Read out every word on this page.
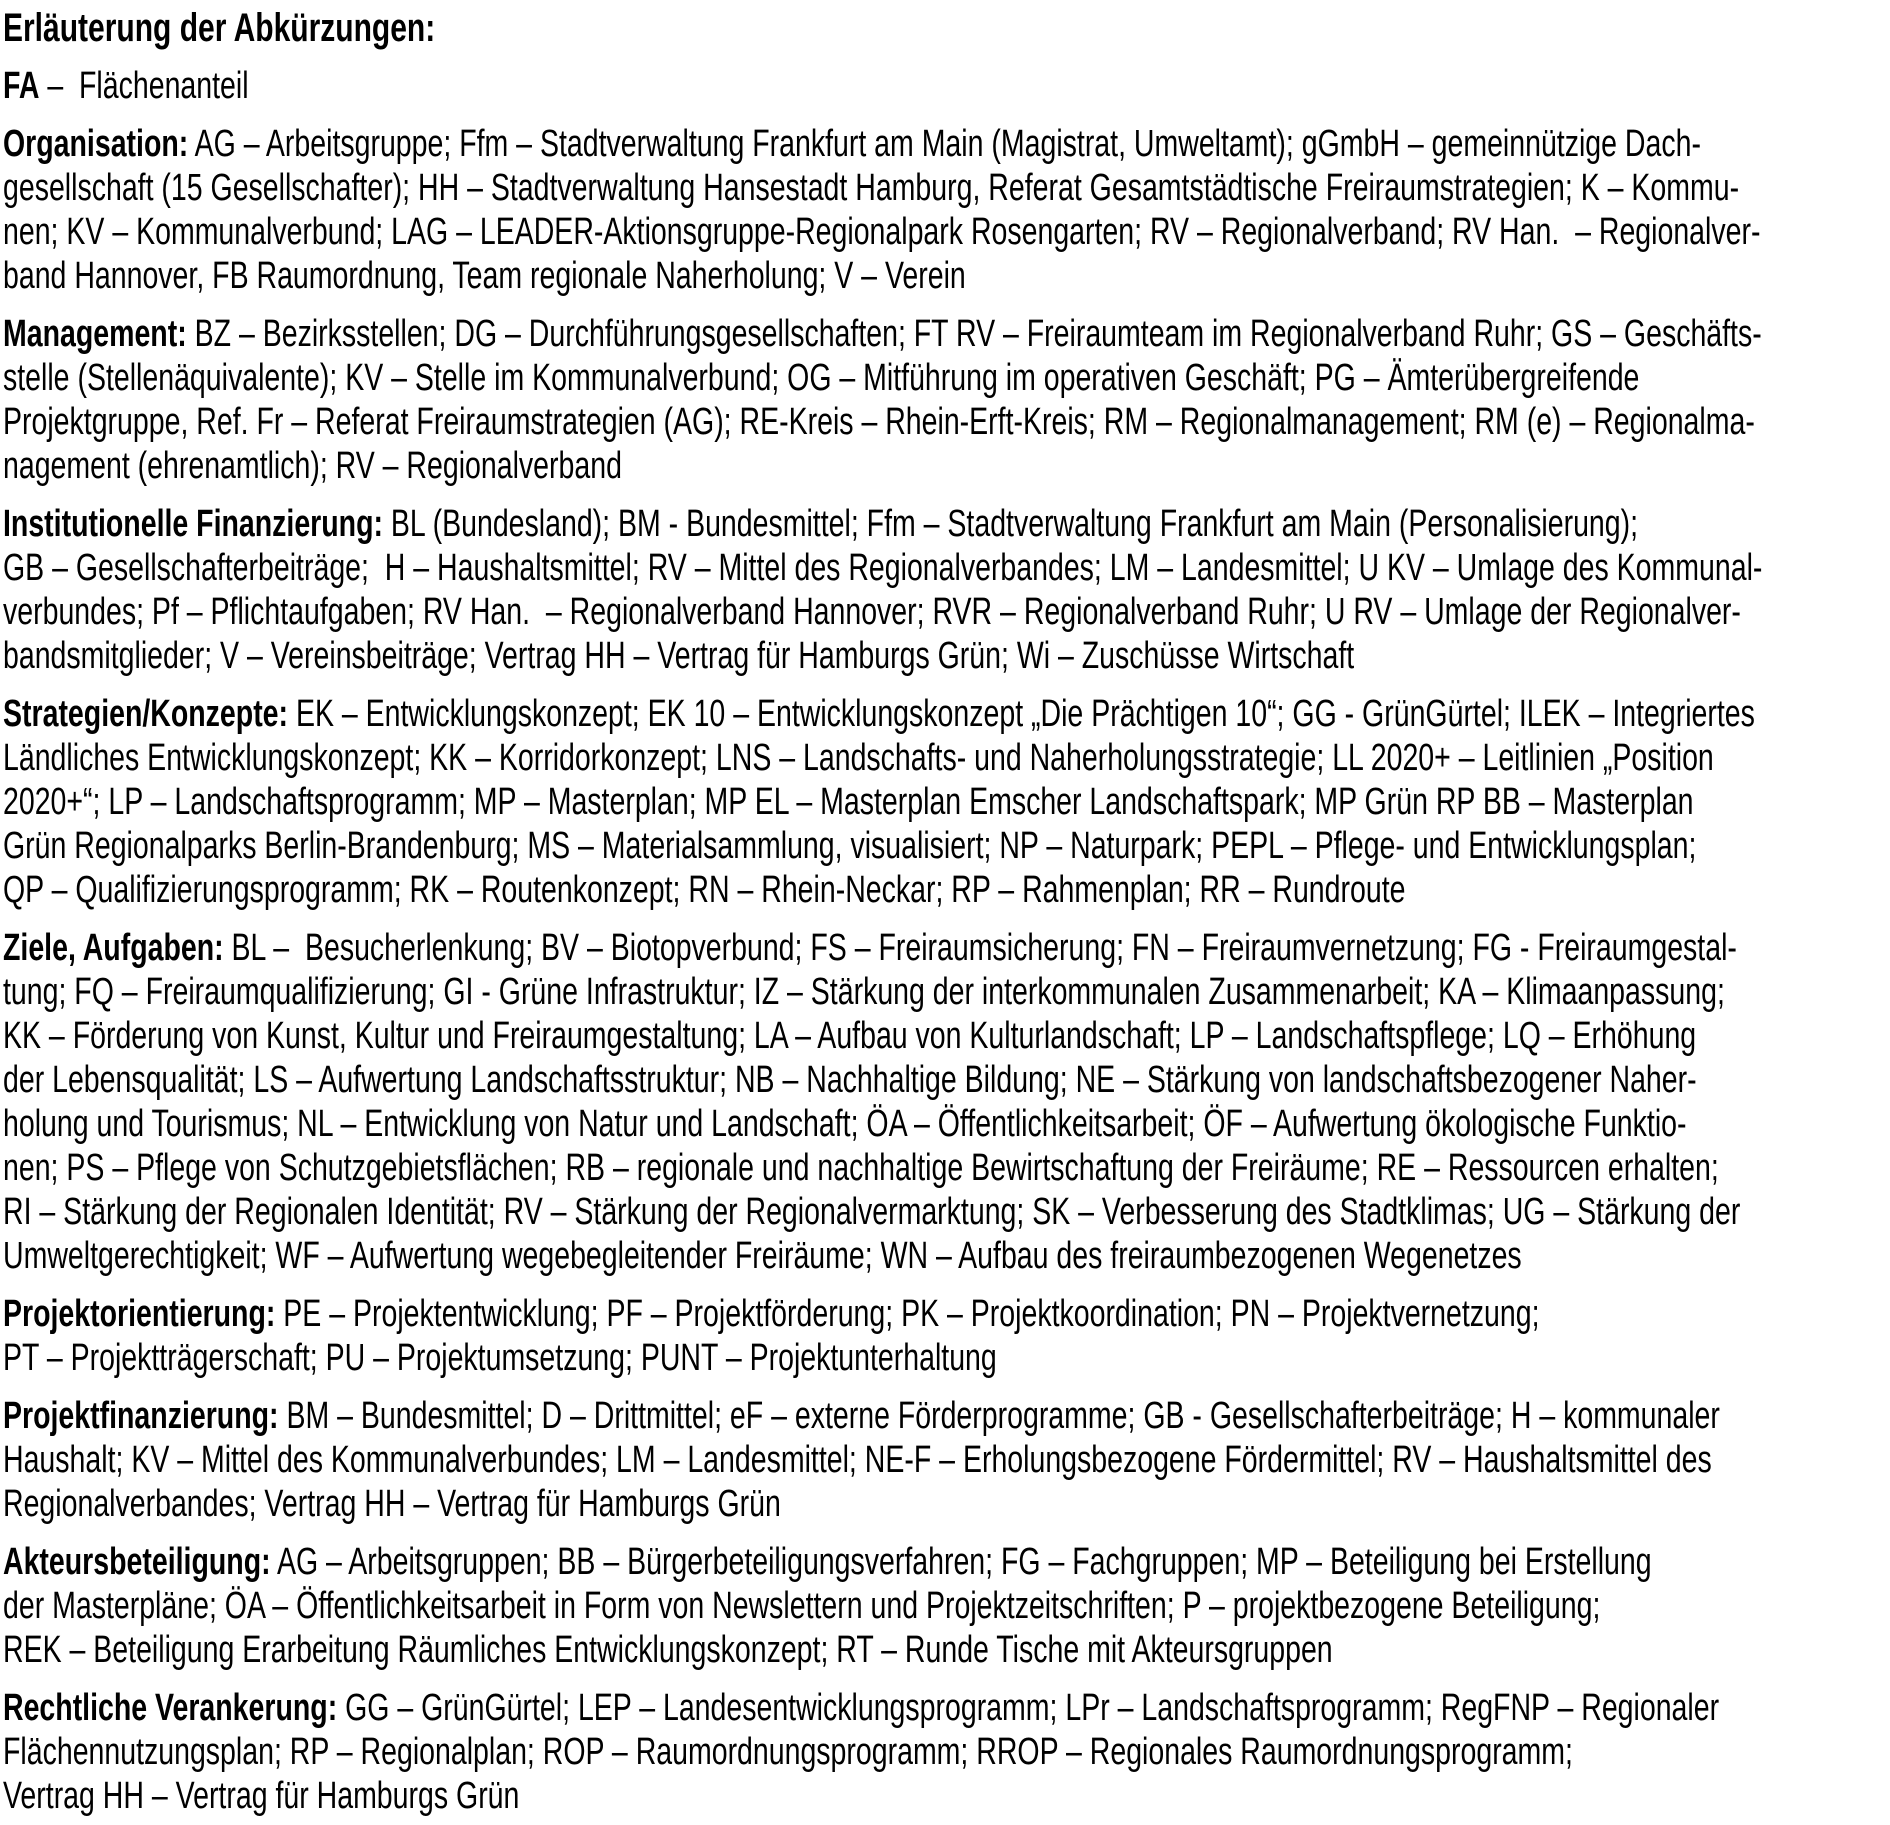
Erläuterung der Abkürzungen:

FA –  Flächenanteil

Organisation: AG – Arbeitsgruppe; Ffm – Stadtverwaltung Frankfurt am Main (Magistrat, Umweltamt); gGmbH – gemeinnützige Dach-
gesellschaft (15 Gesellschafter); HH – Stadtverwaltung Hansestadt Hamburg, Referat Gesamtstädtische Freiraumstrategien; K – Kommu-
nen; KV – Kommunalverbund; LAG – LEADER-Aktionsgruppe-Regionalpark Rosengarten; RV – Regionalverband; RV Han.  – Regionalver-
band Hannover, FB Raumordnung, Team regionale Naherholung; V – Verein

Management: BZ – Bezirksstellen; DG – Durchführungsgesellschaften; FT RV – Freiraumteam im Regionalverband Ruhr; GS – Geschäfts-
stelle (Stellenäquivalente); KV – Stelle im Kommunalverbund; OG – Mitführung im operativen Geschäft; PG – Ämterübergreifende
Projektgruppe, Ref. Fr – Referat Freiraumstrategien (AG); RE-Kreis – Rhein-Erft-Kreis; RM – Regionalmanagement; RM (e) – Regionalma-
nagement (ehrenamtlich); RV – Regionalverband

Institutionelle Finanzierung: BL (Bundesland); BM - Bundesmittel; Ffm – Stadtverwaltung Frankfurt am Main (Personalisierung);
GB – Gesellschafterbeiträge;  H – Haushaltsmittel; RV – Mittel des Regionalverbandes; LM – Landesmittel; U KV – Umlage des Kommunal-
verbundes; Pf – Pflichtaufgaben; RV Han.  – Regionalverband Hannover; RVR – Regionalverband Ruhr; U RV – Umlage der Regionalver-
bandsmitglieder; V – Vereinsbeiträge; Vertrag HH – Vertrag für Hamburgs Grün; Wi – Zuschüsse Wirtschaft

Strategien/Konzepte: EK – Entwicklungskonzept; EK 10 – Entwicklungskonzept „Die Prächtigen 10“; GG - GrünGürtel; ILEK – Integriertes
Ländliches Entwicklungskonzept; KK – Korridorkonzept; LNS – Landschafts- und Naherholungsstrategie; LL 2020+ – Leitlinien „Position
2020+“; LP – Landschaftsprogramm; MP – Masterplan; MP EL – Masterplan Emscher Landschaftspark; MP Grün RP BB – Masterplan
Grün Regionalparks Berlin-Brandenburg; MS – Materialsammlung, visualisiert; NP – Naturpark; PEPL – Pflege- und Entwicklungsplan;
QP – Qualifizierungsprogramm; RK – Routenkonzept; RN – Rhein-Neckar; RP – Rahmenplan; RR – Rundroute

Ziele, Aufgaben: BL –  Besucherlenkung; BV – Biotopverbund; FS – Freiraumsicherung; FN – Freiraumvernetzung; FG - Freiraumgestal-
tung; FQ – Freiraumqualifizierung; GI - Grüne Infrastruktur; IZ – Stärkung der interkommunalen Zusammenarbeit; KA – Klimaanpassung;
KK – Förderung von Kunst, Kultur und Freiraumgestaltung; LA – Aufbau von Kulturlandschaft; LP – Landschaftspflege; LQ – Erhöhung
der Lebensqualität; LS – Aufwertung Landschaftsstruktur; NB – Nachhaltige Bildung; NE – Stärkung von landschaftsbezogener Naher-
holung und Tourismus; NL – Entwicklung von Natur und Landschaft; ÖA – Öffentlichkeitsarbeit; ÖF – Aufwertung ökologische Funktio-
nen; PS – Pflege von Schutzgebietsflächen; RB – regionale und nachhaltige Bewirtschaftung der Freiräume; RE – Ressourcen erhalten;
RI – Stärkung der Regionalen Identität; RV – Stärkung der Regionalvermarktung; SK – Verbesserung des Stadtklimas; UG – Stärkung der
Umweltgerechtigkeit; WF – Aufwertung wegebegleitender Freiräume; WN – Aufbau des freiraumbezogenen Wegenetzes

Projektorientierung: PE – Projektentwicklung; PF – Projektförderung; PK – Projektkoordination; PN – Projektvernetzung;
PT – Projektträgerschaft; PU – Projektumsetzung; PUNT – Projektunterhaltung

Projektfinanzierung: BM – Bundesmittel; D – Drittmittel; eF – externe Förderprogramme; GB - Gesellschafterbeiträge; H – kommunaler
Haushalt; KV – Mittel des Kommunalverbundes; LM – Landesmittel; NE-F – Erholungsbezogene Fördermittel; RV – Haushaltsmittel des
Regionalverbandes; Vertrag HH – Vertrag für Hamburgs Grün

Akteursbeteiligung: AG – Arbeitsgruppen; BB – Bürgerbeteiligungsverfahren; FG – Fachgruppen; MP – Beteiligung bei Erstellung
der Masterpläne; ÖA – Öffentlichkeitsarbeit in Form von Newslettern und Projektzeitschriften; P – projektbezogene Beteiligung;
REK – Beteiligung Erarbeitung Räumliches Entwicklungskonzept; RT – Runde Tische mit Akteursgruppen

Rechtliche Verankerung: GG – GrünGürtel; LEP – Landesentwicklungsprogramm; LPr – Landschaftsprogramm; RegFNP – Regionaler
Flächennutzungsplan; RP – Regionalplan; ROP – Raumordnungsprogramm; RROP – Regionales Raumordnungsprogramm;
Vertrag HH – Vertrag für Hamburgs Grün
